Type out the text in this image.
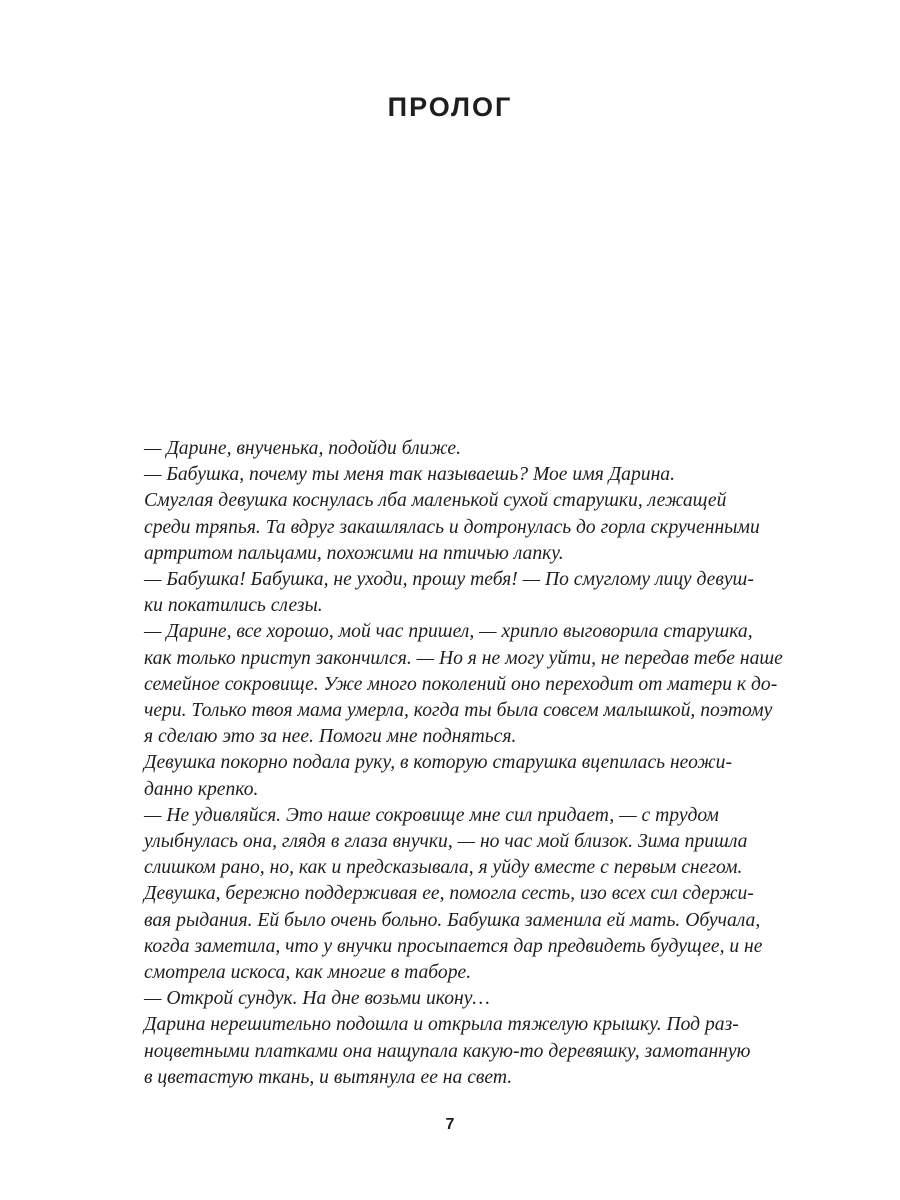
ПРОЛОГ

— Дарине, внученька, подойди ближе.

— Бабушка, почему ты меня так называешь? Мое имя Дарина.

Смуглая девушка коснулась лба маленькой сухой старушки, лежащей
среди тряпья. Та вдруг закашлялась и дотронулась до горла скрученными
артритом пальцами, похожими на птичью лапку.

— Бабушка! Бабушка, не уходи, прошу тебя! — По смуглому лицу девуш-
ки покатились слезы.

— Дарине, все хорошо, мой час пришел, — хрипло выговорила старушка,
как только приступ закончился. — Но я не могу уйти, не передав тебе наше
семейное сокровище. Уже много поколений оно переходит от матери к до-
чери. Только твоя мама умерла, когда ты была совсем малышкой, поэтому
я сделаю это за нее. Помоги мне подняться.

Девушка покорно подала руку, в которую старушка вцепилась неожи-
данно крепко.

— Не удивляйся. Это наше сокровище мне сил придает, — с трудом
улыбнулась она, глядя в глаза внучки, — но час мой близок. Зима пришла
слишком рано, но, как и предсказывала, я уйду вместе с первым снегом.

Девушка, бережно поддерживая ее, помогла сесть, изо всех сил сдержи-
вая рыдания. Ей было очень больно. Бабушка заменила ей мать. Обучала,
когда заметила, что у внучки просыпается дар предвидеть будущее, и не
смотрела искоса, как многие в таборе.

— Открой сундук. На дне возьми икону…

Дарина нерешительно подошла и открыла тяжелую крышку. Под раз-
ноцветными платками она нащупала какую-то деревяшку, замотанную
в цветастую ткань, и вытянула ее на свет.

7
